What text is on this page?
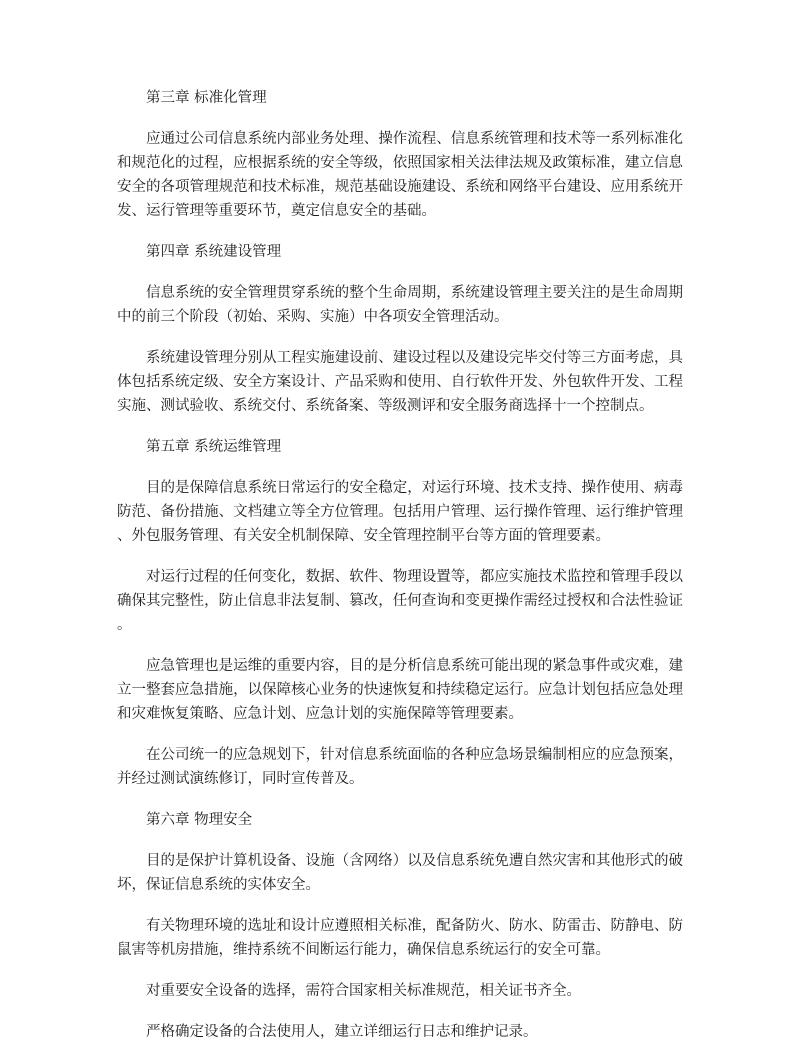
第三章 标准化管理

应通过公司信息系统内部业务处理、操作流程、信息系统管理和技术等一系列标准化和规范化的过程，应根据系统的安全等级，依照国家相关法律法规及政策标准，建立信息安全的各项管理规范和技术标准，规范基础设施建设、系统和网络平台建设、应用系统开发、运行管理等重要环节，奠定信息安全的基础。

第四章 系统建设管理

信息系统的安全管理贯穿系统的整个生命周期，系统建设管理主要关注的是生命周期中的前三个阶段（初始、采购、实施）中各项安全管理活动。

系统建设管理分别从工程实施建设前、建设过程以及建设完毕交付等三方面考虑，具体包括系统定级、安全方案设计、产品采购和使用、自行软件开发、外包软件开发、工程实施、测试验收、系统交付、系统备案、等级测评和安全服务商选择十一个控制点。

第五章 系统运维管理

目的是保障信息系统日常运行的安全稳定，对运行环境、技术支持、操作使用、病毒防范、备份措施、文档建立等全方位管理。包括用户管理、运行操作管理、运行维护管理、外包服务管理、有关安全机制保障、安全管理控制平台等方面的管理要素。

对运行过程的任何变化，数据、软件、物理设置等，都应实施技术监控和管理手段以确保其完整性，防止信息非法复制、篡改，任何查询和变更操作需经过授权和合法性验证。

应急管理也是运维的重要内容，目的是分析信息系统可能出现的紧急事件或灾难，建立一整套应急措施，以保障核心业务的快速恢复和持续稳定运行。应急计划包括应急处理和灾难恢复策略、应急计划、应急计划的实施保障等管理要素。

在公司统一的应急规划下，针对信息系统面临的各种应急场景编制相应的应急预案，并经过测试演练修订，同时宣传普及。

第六章 物理安全

目的是保护计算机设备、设施（含网络）以及信息系统免遭自然灾害和其他形式的破坏，保证信息系统的实体安全。

有关物理环境的选址和设计应遵照相关标准，配备防火、防水、防雷击、防静电、防鼠害等机房措施，维持系统不间断运行能力，确保信息系统运行的安全可靠。

对重要安全设备的选择，需符合国家相关标准规范，相关证书齐全。

严格确定设备的合法使用人，建立详细运行日志和维护记录。
